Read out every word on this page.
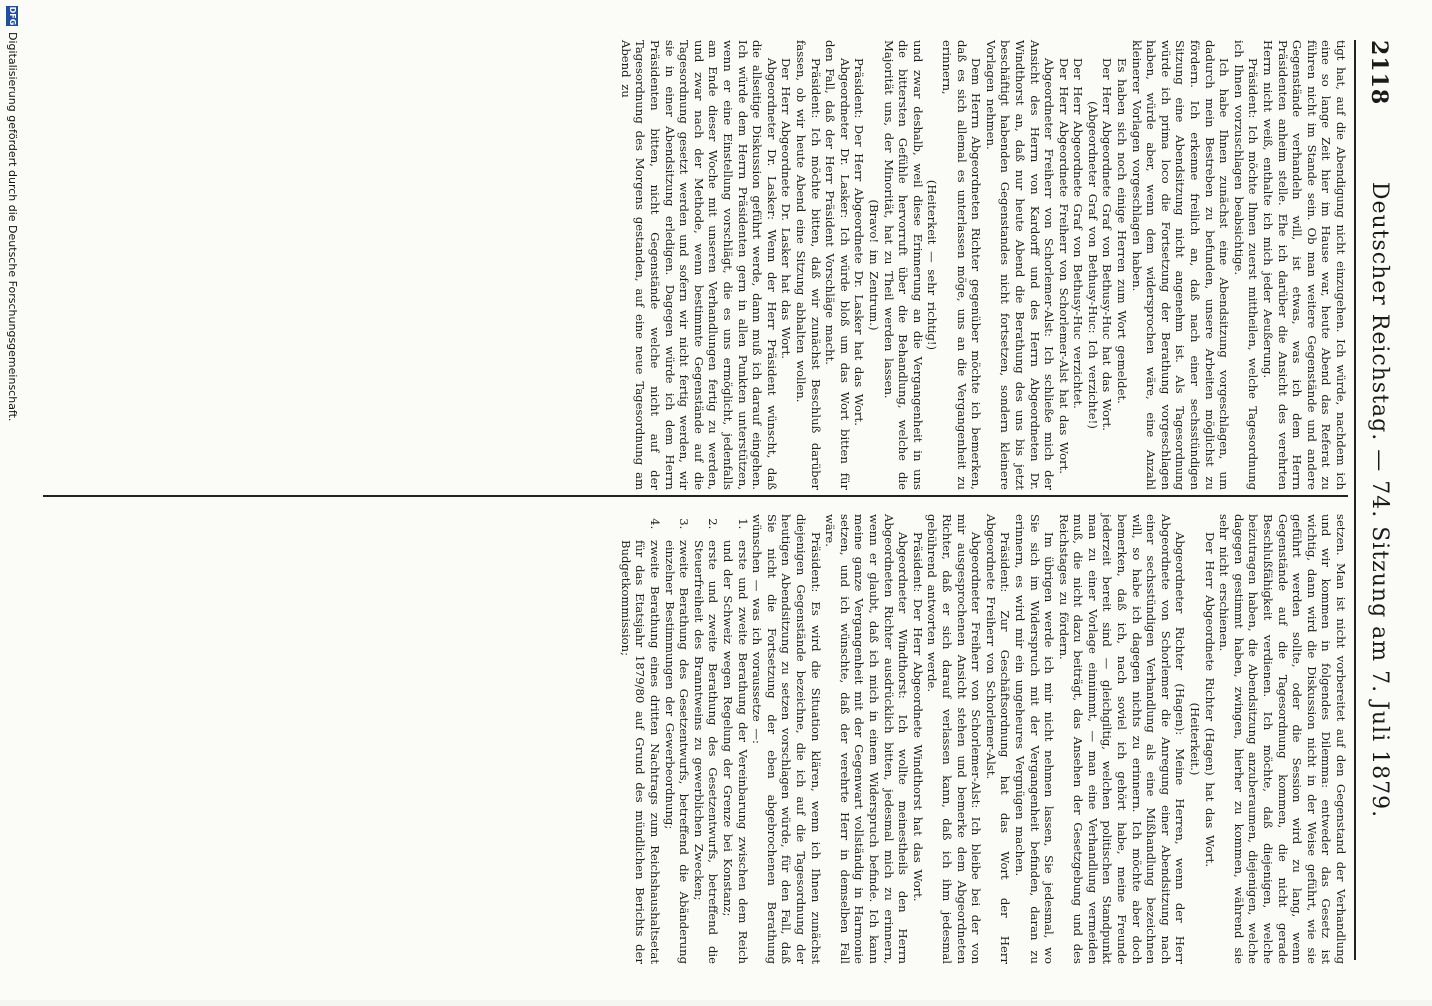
2118
Deutscher Reichstag. — 74. Sitzung am 7. Juli 1879.

tigt hat, auf die Abendigung nicht einzugehen. Ich würde, nachdem ich eine so lange Zeit hier im Hause war, heute Abend das Referat zu führen nicht im Stande sein. Ob man weitere Gegenstände und andere Gegenstände verhandeln will, ist etwas, was ich dem Herrn Präsidenten anheim stelle. Ehe ich darüber die Ansicht des verehrten Herrn nicht weiß, enthalte ich mich jeder Aeußerung.

Präsident: Ich möchte Ihnen zuerst mittheilen, welche Tagesordnung ich Ihnen vorzuschlagen beabsichtige.

Ich habe Ihnen zunächst eine Abendsitzung vorgeschlagen, um dadurch mein Bestreben zu befunden, unsere Arbeiten möglichst zu fördern. Ich erkenne freilich an, daß nach einer sechsstündigen Sitzung eine Abendsitzung nicht angenehm ist. Als Tagesordnung würde ich prima loco die Fortsetzung der Berathung vorgeschlagen haben, würde aber, wenn dem widersprochen wäre, eine Anzahl kleinerer Vorlagen vorgeschlagen haben.

Es haben sich noch einige Herren zum Wort gemeldet.

Der Herr Abgeordnete Graf von Bethusy-Huc hat das Wort.

(Abgeordneter Graf von Bethusy-Huc: Ich verzichte!)

Der Herr Abgeordnete Graf von Bethusy-Huc verzichtet.

Der Herr Abgeordnete Freiherr von Schorlemer-Alst hat das Wort.

Abgeordneter Freiherr von Schorlemer-Alst: Ich schließe mich der Ansicht des Herrn von Kardorff und des Herrn Abgeordneten Dr. Windthorst an, daß nur heute Abend die Berathung des uns bis jetzt beschäftigt habenden Gegenstandes nicht fortsetzen, sondern kleinere Vorlagen nehmen.

Dem Herrn Abgeordneten Richter gegenüber möchte ich bemerken, daß es sich allemal es unterlassen möge, uns an die Vergangenheit zu erinnern,

(Heiterkeit — sehr richtig!)

und zwar deshalb, weil diese Erinnerung an die Vergangenheit in uns die bittersten Gefühle hervorruft über die Behandlung, welche die Majorität uns, der Minorität, hat zu Theil werden lassen.

(Bravo! im Zentrum.)

Präsident: Der Herr Abgeordnete Dr. Lasker hat das Wort.

Abgeordneter Dr. Lasker: Ich würde bloß um das Wort bitten für den Fall, daß der Herr Präsident Vorschläge macht.

Präsident: Ich möchte bitten, daß wir zunächst Beschluß darüber fassen, ob wir heute Abend eine Sitzung abhalten wollen.

Der Herr Abgeordnete Dr. Lasker hat das Wort.

Abgeordneter Dr. Lasker: Wenn der Herr Präsident wünscht, daß die allseitige Diskussion geführt werde, dann muß ich darauf eingehen. Ich würde dem Herrn Präsidenten gern in allen Punkten unterstützen, wenn er eine Einstellung vorschlägt, die es uns ermöglicht, jedenfalls am Ende dieser Woche mit unseren Verhandlungen fertig zu werden, und zwar nach der Methode, wenn bestimmte Gegenstände auf die Tagesordnung gesetzt werden und sofern wir nicht fertig werden, wir sie in einer Abendsitzung erledigen. Dagegen würde ich dem Herrn Präsidenten bitten, nicht Gegenstände welche nicht auf der Tagesordnung des Morgens gestanden, auf eine neue Tagesordnung am Abend zu

setzen. Man ist nicht vorbereitet auf den Gegenstand der Verhandlung und wir kommen in folgendes Dilemma: entweder das Gesetz ist wichtig, dann wird die Diskussion nicht in der Weise geführt, wie sie geführt werden sollte, oder die Session wird zu lang, wenn Gegenstände auf die Tagesordnung kommen, die nicht gerade Beschlußfähigkeit verdienen. Ich möchte, daß diejenigen, welche beizutragen haben, die Abendsitzung anzuberaumen, diejenigen, welche dagegen gestimmt haben, zwingen, hierher zu kommen, während sie sehr nicht erschienen.

Der Herr Abgeordnete Richter (Hagen) hat das Wort.

(Heiterkeit.)

Abgeordneter Richter (Hagen): Meine Herren, wenn der Herr Abgeordnete von Schorlemer die Anregung einer Abendsitzung nach einer sechsstündigen Verhandlung als eine Mißhandlung bezeichnen will, so habe ich dagegen nichts zu erinnern. Ich möchte aber doch bemerken, daß ich, nach soviel ich gehört habe, meine Freunde jederzeit bereit sind — gleichgiltig, welchen politischen Standpunkt man zu einer Vorlage einnimmt, — man eine Verhandlung vermeiden muß, die nicht dazu beiträgt, das Ansehen der Gesetzgebung und des Reichstages zu fördern.

Im übrigen werde ich mir nicht nehmen lassen, Sie jedesmal, wo Sie sich im Widerspruch mit der Vergangenheit befinden, daran zu erinnern, es wird mir ein ungeheures Vergnügen machen.

Präsident: Zur Geschäftsordnung hat das Wort der Herr Abgeordnete Freiherr von Schorlemer-Alst.

Abgeordneter Freiherr von Schorlemer-Alst: Ich bleibe bei der von mir ausgesprochenen Ansicht stehen und bemerke dem Abgeordneten Richter, daß er sich darauf verlassen kann, daß ich ihm jedesmal gebührend antworten werde.

Präsident: Der Herr Abgeordnete Windthorst hat das Wort.

Abgeordneter Windthorst: Ich wollte meinestheils den Herrn Abgeordneten Richter ausdrücklich bitten, jedesmal mich zu erinnern, wenn er glaubt, daß ich mich in einem Widerspruch befinde. Ich kann meine ganze Vergangenheit mit der Gegenwart vollständig in Harmonie setzen, und ich wünschte, daß der verehrte Herr in demselben Fall wäre.

Präsident: Es wird die Situation klären, wenn ich Ihnen zunächst diejenigen Gegenstände bezeichne, die ich auf die Tagesordnung der heutigen Abendsitzung zu setzen vorschlagen würde, für den Fall, daß Sie nicht die Fortsetzung der eben abgebrochenen Berathung wünschen — was ich voraussetze —:

1. erste und zweite Berathung der Vereinbarung zwischen dem Reich und der Schweiz wegen Regelung der Grenze bei Konstanz;
2. erste und zweite Berathung des Gesetzentwurfs, betreffend die Steuerfreiheit des Branntweins zu gewerblichen Zwecken;
3. zweite Berathung des Gesetzentwurfs, betreffend die Abänderung einzelner Bestimmungen der Gewerbeordnung;
4. zweite Berathung eines dritten Nachtrags zum Reichshaushaltsetat für das Etatsjahr 1879/80 auf Grund des mündlichen Berichts der Budgetkommission;
DFG
Digitalisierung gefördert durch die Deutsche Forschungsgemeinschaft.
